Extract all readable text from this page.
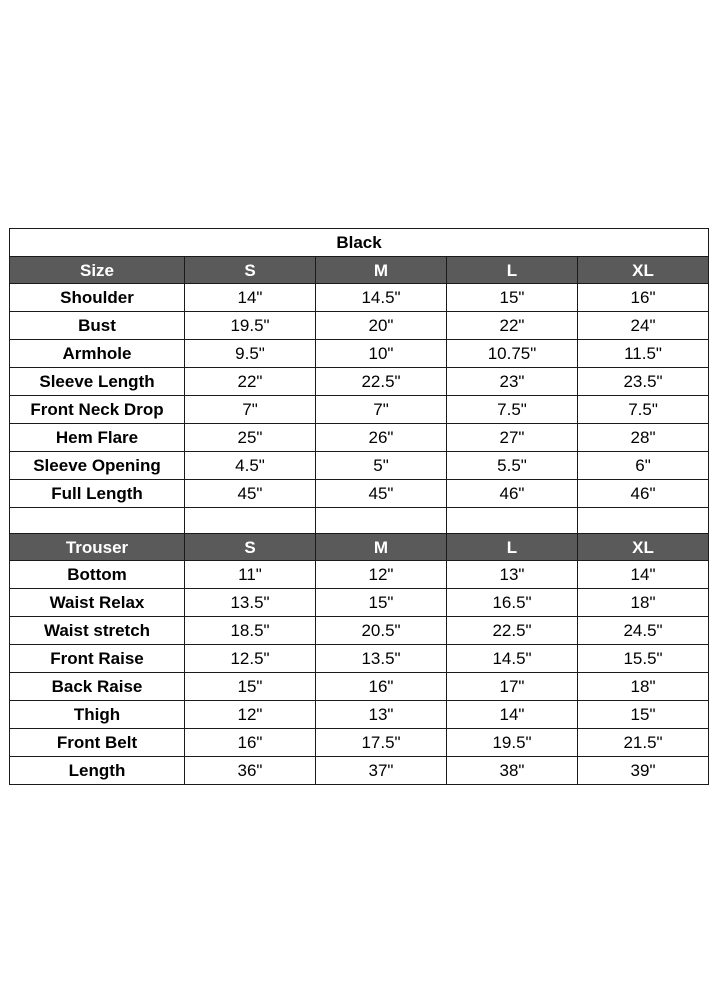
Black				
Size	S	M	L	XL
Shoulder	14"	14.5"	15"	16"
Bust	19.5"	20"	22"	24"
Armhole	9.5"	10"	10.75"	11.5"
Sleeve Length	22"	22.5"	23"	23.5"
Front Neck Drop	7"	7"	7.5"	7.5"
Hem Flare	25"	26"	27"	28"
Sleeve Opening	4.5"	5"	5.5"	6"
Full Length	45"	45"	46"	46"

Trouser	S	M	L	XL
Bottom	11"	12"	13"	14"
Waist Relax	13.5"	15"	16.5"	18"
Waist stretch	18.5"	20.5"	22.5"	24.5"
Front Raise	12.5"	13.5"	14.5"	15.5"
Back Raise	15"	16"	17"	18"
Thigh	12"	13"	14"	15"
Front Belt	16"	17.5"	19.5"	21.5"
Length	36"	37"	38"	39"
